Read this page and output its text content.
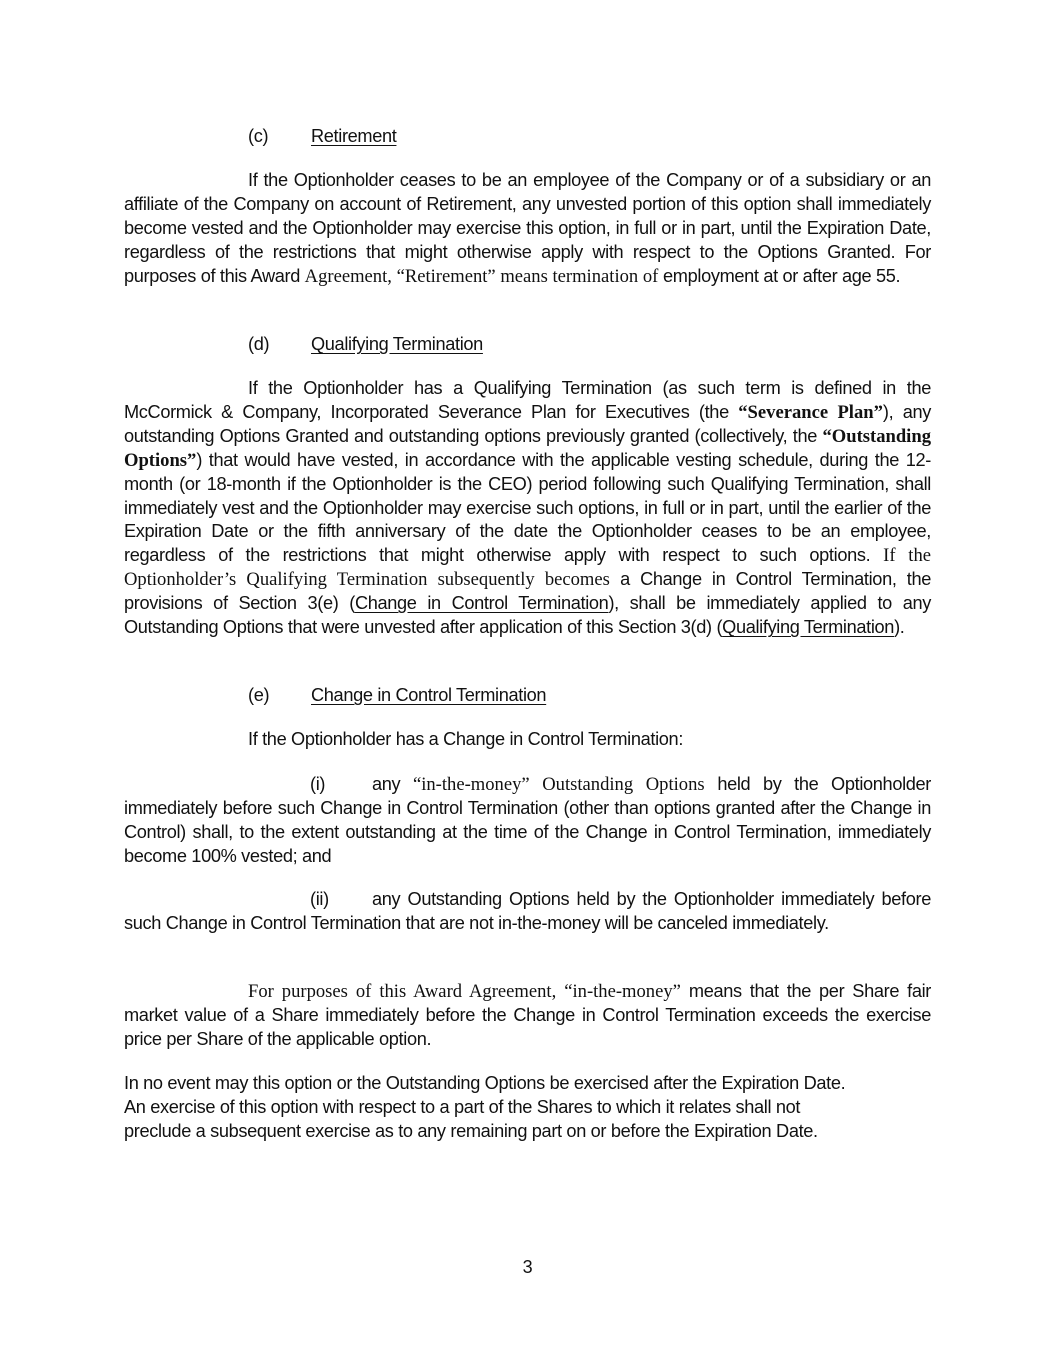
(c) Retirement
If the Optionholder ceases to be an employee of the Company or of a subsidiary or an affiliate of the Company on account of Retirement, any unvested portion of this option shall immediately become vested and the Optionholder may exercise this option, in full or in part, until the Expiration Date, regardless of the restrictions that might otherwise apply with respect to the Options Granted. For purposes of this Award Agreement, “Retirement” means termination of employment at or after age 55.
(d) Qualifying Termination
If the Optionholder has a Qualifying Termination (as such term is defined in the McCormick & Company, Incorporated Severance Plan for Executives (the “Severance Plan”), any outstanding Options Granted and outstanding options previously granted (collectively, the “Outstanding Options”) that would have vested, in accordance with the applicable vesting schedule, during the 12-month (or 18-month if the Optionholder is the CEO) period following such Qualifying Termination, shall immediately vest and the Optionholder may exercise such options, in full or in part, until the earlier of the Expiration Date or the fifth anniversary of the date the Optionholder ceases to be an employee, regardless of the restrictions that might otherwise apply with respect to such options. If the Optionholder’s Qualifying Termination subsequently becomes a Change in Control Termination, the provisions of Section 3(e) (Change in Control Termination), shall be immediately applied to any Outstanding Options that were unvested after application of this Section 3(d) (Qualifying Termination).
(e) Change in Control Termination
If the Optionholder has a Change in Control Termination:
(i)	any “in-the-money” Outstanding Options held by the Optionholder immediately before such Change in Control Termination (other than options granted after the Change in Control) shall, to the extent outstanding at the time of the Change in Control Termination, immediately become 100% vested; and
(ii) any Outstanding Options held by the Optionholder immediately before such Change in Control Termination that are not in-the-money will be canceled immediately.
For purposes of this Award Agreement, “in-the-money” means that the per Share fair market value of a Share immediately before the Change in Control Termination exceeds the exercise price per Share of the applicable option.
In no event may this option or the Outstanding Options be exercised after the Expiration Date.
An exercise of this option with respect to a part of the Shares to which it relates shall not
preclude a subsequent exercise as to any remaining part on or before the Expiration Date.
3
